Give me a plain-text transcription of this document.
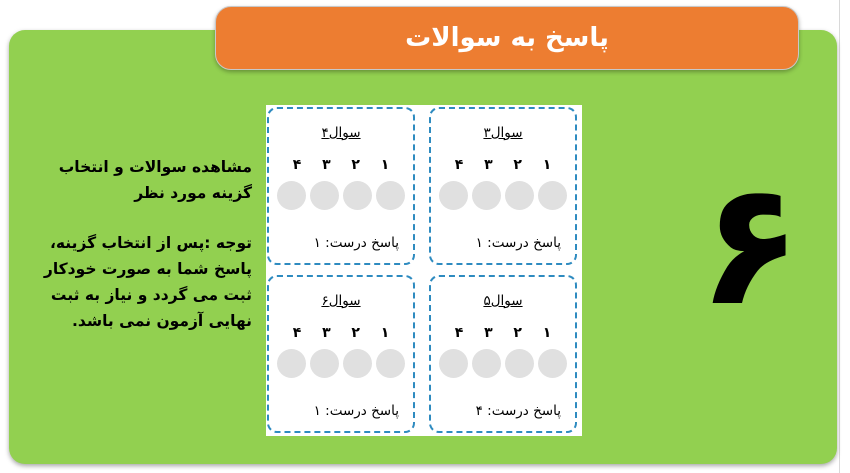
پاسخ به سوالات

مشاهده سوالات و انتخاب گزینه مورد نظر

توجه :پس از انتخاب گزینه، پاسخ شما به صورت خودکار ثبت می گردد و نیاز به ثبت نهایی آزمون نمی باشد.	۶
سوال۳
۱
۲
۳
۴
پاسخ درست: ۱
سوال۴
۱
۲
۳
۴
پاسخ درست: ۱
سوال۵
۱
۲
۳
۴
پاسخ درست: ۴
سوال۶
۱
۲
۳
۴
پاسخ درست: ۱
